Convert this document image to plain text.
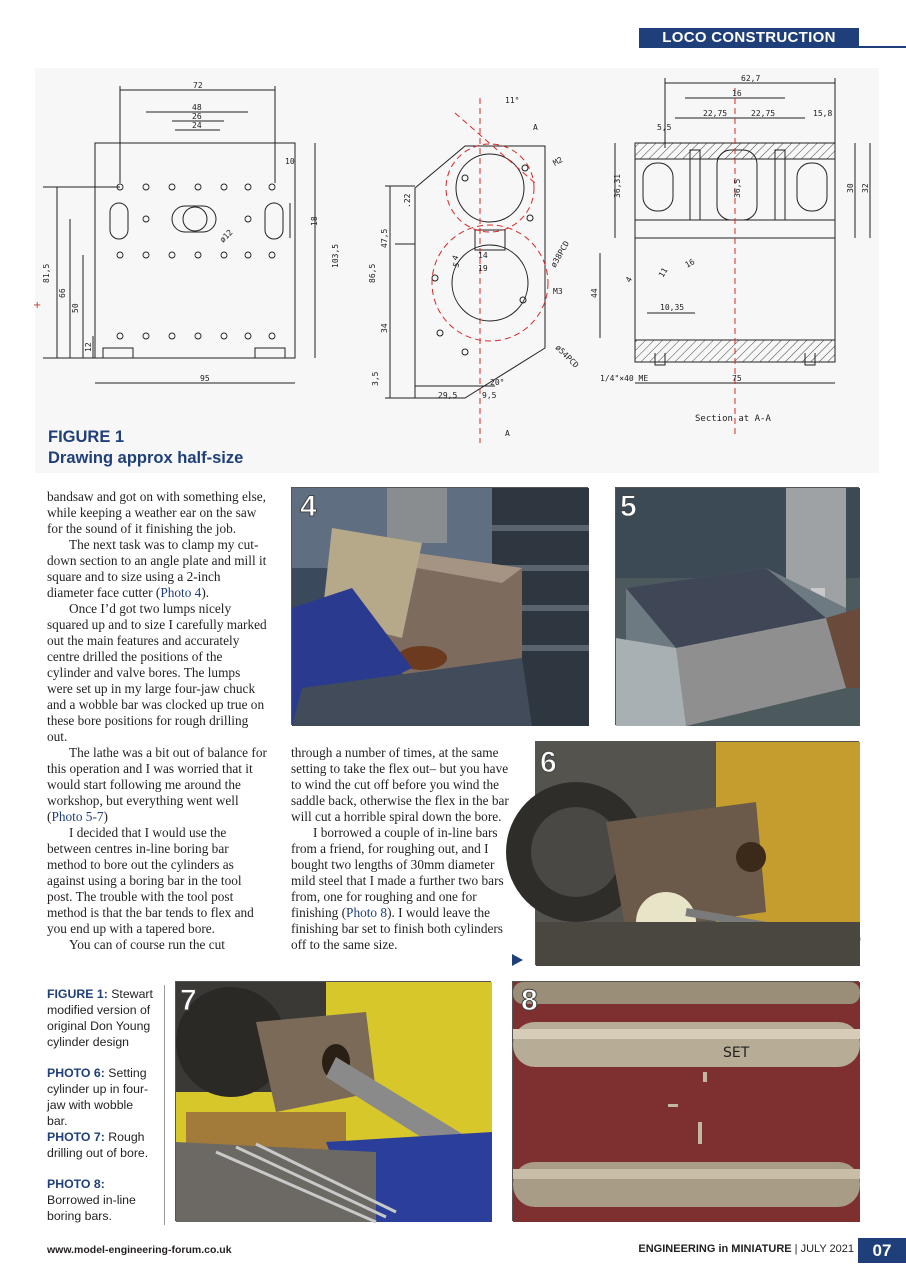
LOCO CONSTRUCTION
72
48
26
24
10
18
103,5
81,5
66
50
12
95
ø12
11°
A
M2
ø38PCD
M3
ø54PCD
.22
47,5
86,5
34
3,5
29,5	9,5
20°
4
5
14
19
A
62,7
16
22,75	22,75
5,5
15,8
36,31	36,5	30 32
4
11
16
44
10,35
1/4"×40 ME	75
Section at A-A
+
FIGURE 1
Drawing approx half-size

bandsaw and got on with something else, while keeping a weather ear on the saw for the sound of it finishing the job.

The next task was to clamp my cut-down section to an angle plate and mill it square and to size using a 2-inch diameter face cutter (Photo 4).

Once I’d got two lumps nicely squared up and to size I carefully marked out the main features and accurately centre drilled the positions of the cylinder and valve bores. The lumps were set up in my large four-jaw chuck and a wobble bar was clocked up true on these bore positions for rough drilling out.

The lathe was a bit out of balance for this operation and I was worried that it would start following me around the workshop, but everything went well (Photo 5-7)

I decided that I would use the between centres in-line boring bar method to bore out the cylinders as against using a boring bar in the tool post. The trouble with the tool post method is that the bar tends to flex and you end up with a tapered bore.

You can of course run the cut

through a number of times, at the same setting to take the flex out– but you have to wind the cut off before you wind the saddle back, otherwise the flex in the bar will cut a horrible spiral down the bore.

I borrowed a couple of in-line bars from a friend, for roughing out, and I bought two lengths of 30mm diameter mild steel that I made a further two bars from, one for roughing and one for finishing (Photo 8). I would leave the finishing bar set to finish both cylinders off to the same size.

4	5
6
7
SET
8
FIGURE 1: Stewart modified version of original Don Young cylinder design
PHOTO 6: Setting cylinder up in four-jaw with wobble bar.
PHOTO 7: Rough drilling out of bore.
PHOTO 8: Borrowed in-line boring bars.
www.model-engineering-forum.co.uk	ENGINEERING in MINIATURE | JULY 2021	07
